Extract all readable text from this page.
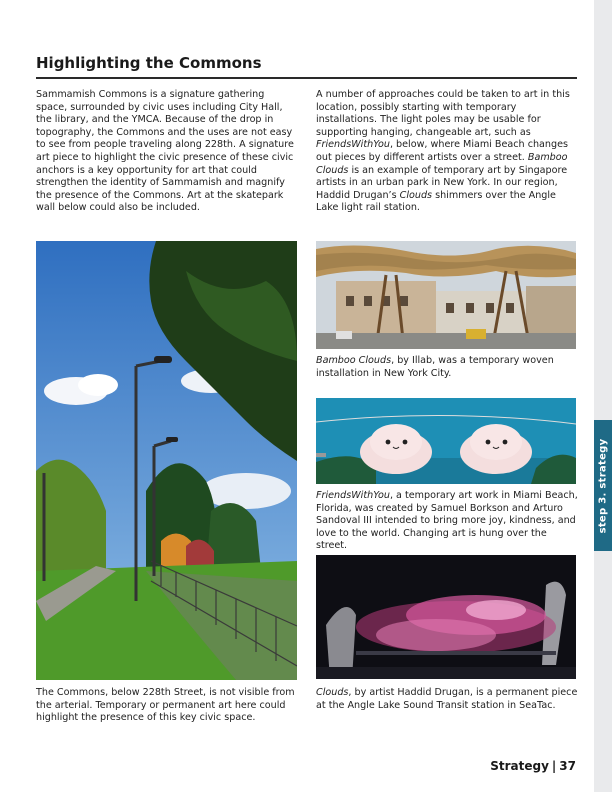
step 3. strategy
Highlighting the Commons

Sammamish Commons is a signature gathering space, surrounded by civic uses including City Hall, the library, and the YMCA. Because of the drop in topography, the Commons and the uses are not easy to see from people traveling along 228th. A signature art piece to highlight the civic presence of these civic anchors is a key opportunity for art that could strengthen the identity of Sammamish and magnify the presence of the Commons. Art at the skatepark wall below could also be included.

A number of approaches could be taken to art in this location, possibly starting with temporary installations. The light poles may be usable for supporting hanging, changeable art, such as FriendsWithYou, below, where Miami Beach changes out pieces by different artists over a street. Bamboo Clouds is an example of temporary art by Singapore artists in an urban park in New York. In our region, Haddid Drugan’s Clouds shimmers over the Angle Lake light rail station.

The Commons, below 228th Street, is not visible from the arterial. Temporary or permanent art here could highlight the presence of this key civic space.

Bamboo Clouds, by Illab, was a temporary woven installation in New York City.

FriendsWithYou, a temporary art work in Miami Beach, Florida, was created by Samuel Borkson and Arturo Sandoval III intended to bring more joy, kindness, and love to the world. Changing art is hung over the street.

Clouds, by artist Haddid Drugan, is a permanent piece at the Angle Lake Sound Transit station in SeaTac.

Strategy | 37
